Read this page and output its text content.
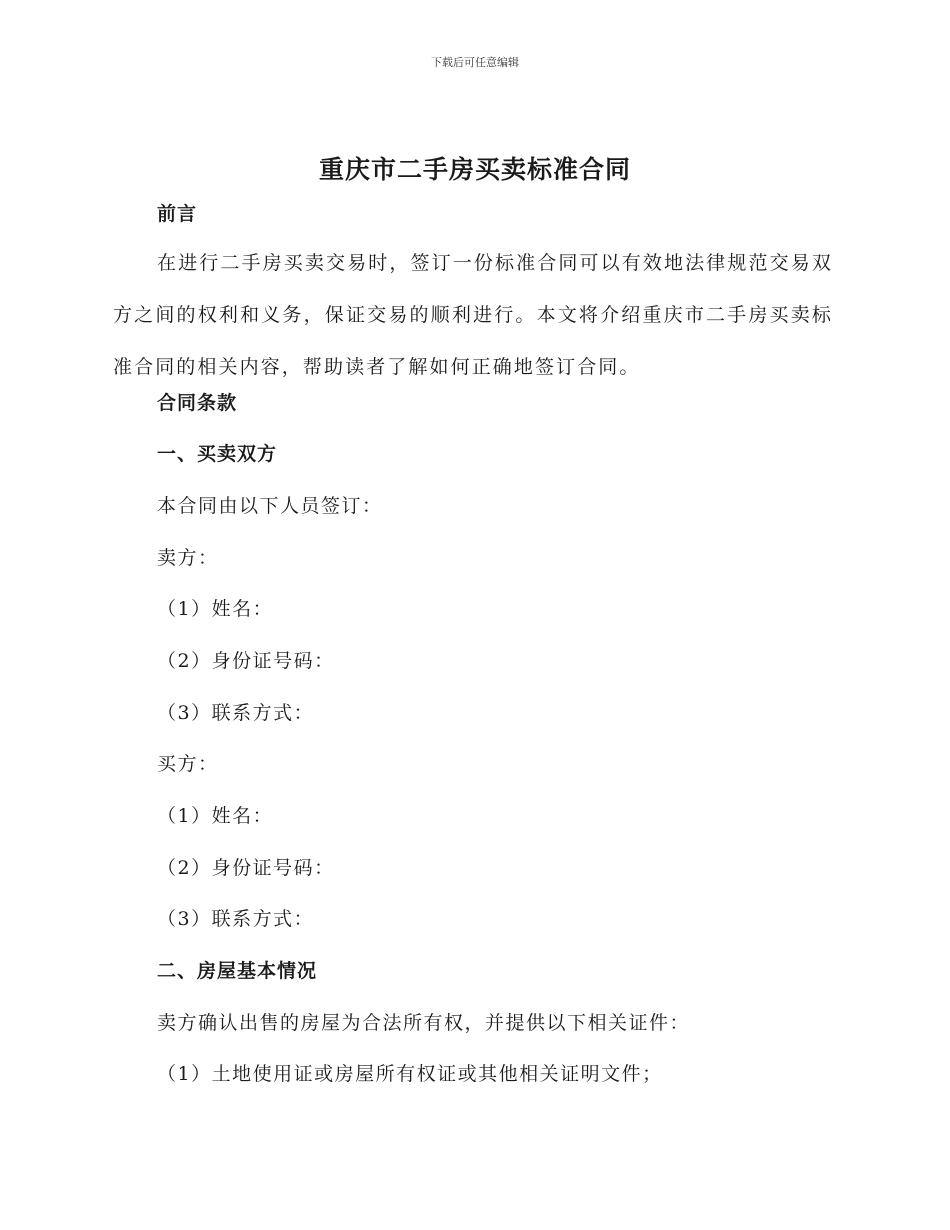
下载后可任意编辑
重庆市二手房买卖标准合同
前言
在进行二手房买卖交易时，签订一份标准合同可以有效地法律规范交易双方之间的权利和义务，保证交易的顺利进行。本文将介绍重庆市二手房买卖标准合同的相关内容，帮助读者了解如何正确地签订合同。
合同条款
一、买卖双方
本合同由以下人员签订：
卖方：
（1）姓名：
（2）身份证号码：
（3）联系方式：
买方：
（1）姓名：
（2）身份证号码：
（3）联系方式：
二、房屋基本情况
卖方确认出售的房屋为合法所有权，并提供以下相关证件：
（1）土地使用证或房屋所有权证或其他相关证明文件；
